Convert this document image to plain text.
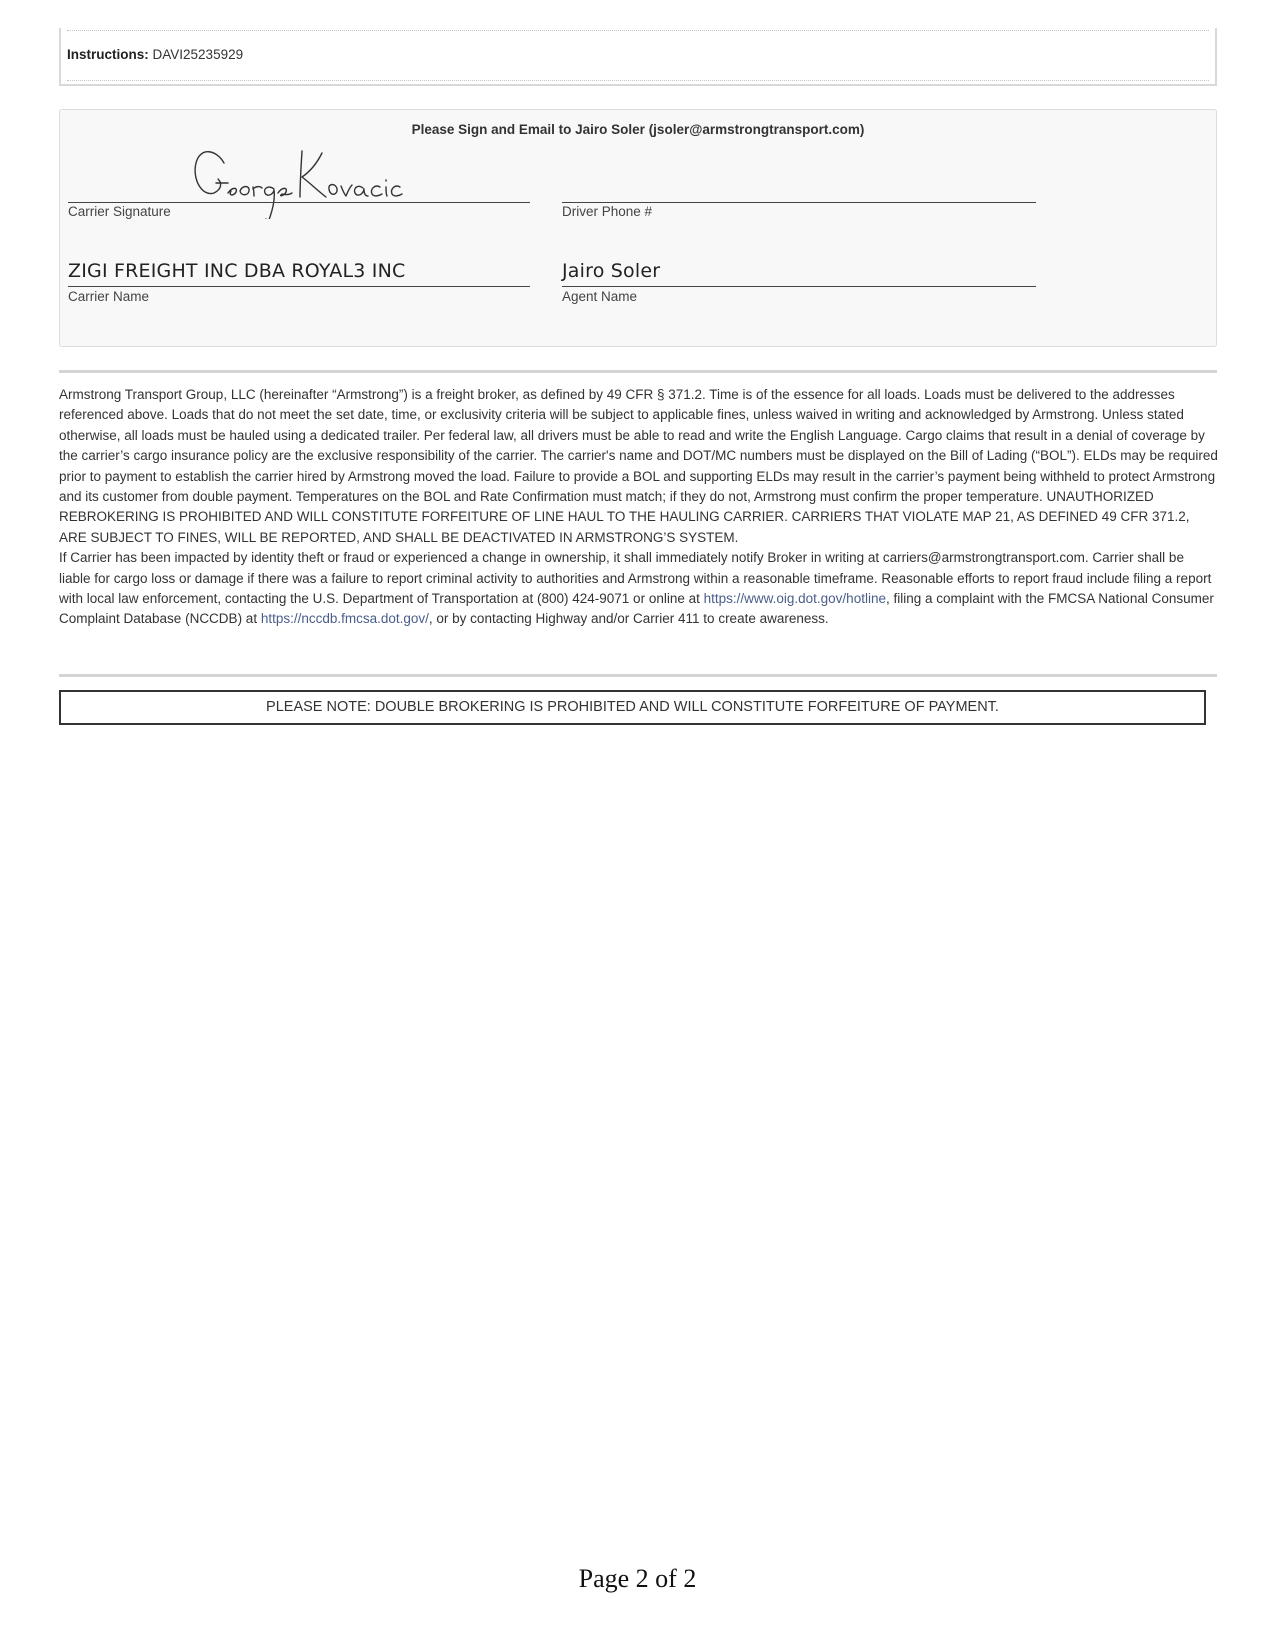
Instructions: DAVI25235929
Please Sign and Email to Jairo Soler (jsoler@armstrongtransport.com)
Carrier Signature	Driver Phone #
ZIGI FREIGHT INC DBA ROYAL3 INC
Carrier Name
Jairo Soler
Agent Name

Armstrong Transport Group, LLC (hereinafter “Armstrong”) is a freight broker, as defined by 49 CFR § 371.2. Time is of the essence for all loads. Loads must be delivered to the addresses referenced above. Loads that do not meet the set date, time, or exclusivity criteria will be subject to applicable fines, unless waived in writing and acknowledged by Armstrong. Unless stated otherwise, all loads must be hauled using a dedicated trailer. Per federal law, all drivers must be able to read and write the English Language. Cargo claims that result in a denial of coverage by the carrier’s cargo insurance policy are the exclusive responsibility of the carrier. The carrier's name and DOT/MC numbers must be displayed on the Bill of Lading (“BOL”). ELDs may be required prior to payment to establish the carrier hired by Armstrong moved the load. Failure to provide a BOL and supporting ELDs may result in the carrier’s payment being withheld to protect Armstrong and its customer from double payment. Temperatures on the BOL and Rate Confirmation must match; if they do not, Armstrong must confirm the proper temperature. UNAUTHORIZED REBROKERING IS PROHIBITED AND WILL CONSTITUTE FORFEITURE OF LINE HAUL TO THE HAULING CARRIER. CARRIERS THAT VIOLATE MAP 21, AS DEFINED 49 CFR 371.2, ARE SUBJECT TO FINES, WILL BE REPORTED, AND SHALL BE DEACTIVATED IN ARMSTRONG’S SYSTEM.

If Carrier has been impacted by identity theft or fraud or experienced a change in ownership, it shall immediately notify Broker in writing at carriers@armstrongtransport.com. Carrier shall be liable for cargo loss or damage if there was a failure to report criminal activity to authorities and Armstrong within a reasonable timeframe. Reasonable efforts to report fraud include filing a report with local law enforcement, contacting the U.S. Department of Transportation at (800) 424-9071 or online at https://www.oig.dot.gov/hotline, filing a complaint with the FMCSA National Consumer Complaint Database (NCCDB) at https://nccdb.fmcsa.dot.gov/, or by contacting Highway and/or Carrier 411 to create awareness.

PLEASE NOTE: DOUBLE BROKERING IS PROHIBITED AND WILL CONSTITUTE FORFEITURE OF PAYMENT.
Page 2 of 2
